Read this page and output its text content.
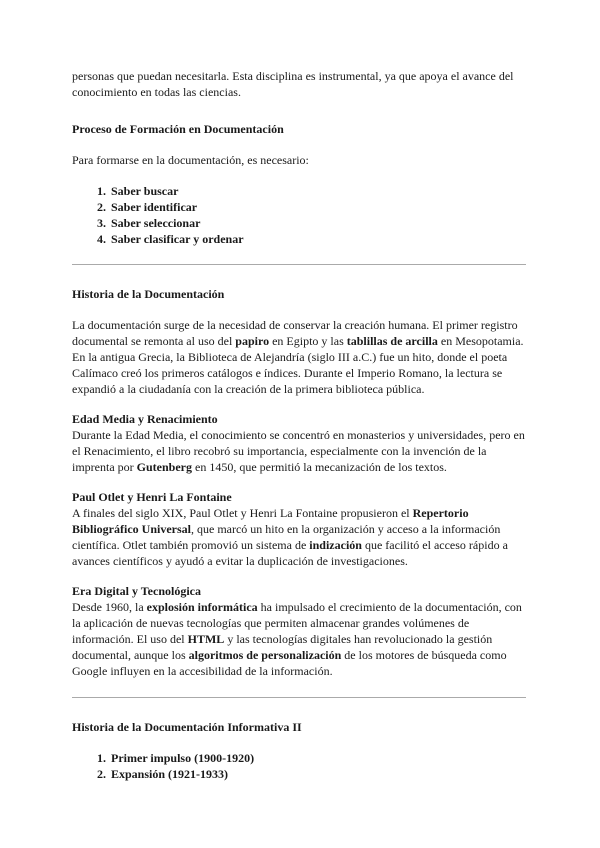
personas que puedan necesitarla. Esta disciplina es instrumental, ya que apoya el avance del conocimiento en todas las ciencias.

Proceso de Formación en Documentación

Para formarse en la documentación, es necesario:

1. Saber buscar
2. Saber identificar
3. Saber seleccionar
4. Saber clasificar y ordenar

Historia de la Documentación

La documentación surge de la necesidad de conservar la creación humana. El primer registro documental se remonta al uso del papiro en Egipto y las tablillas de arcilla en Mesopotamia. En la antigua Grecia, la Biblioteca de Alejandría (siglo III a.C.) fue un hito, donde el poeta Calímaco creó los primeros catálogos e índices. Durante el Imperio Romano, la lectura se expandió a la ciudadanía con la creación de la primera biblioteca pública.

Edad Media y Renacimiento

Durante la Edad Media, el conocimiento se concentró en monasterios y universidades, pero en el Renacimiento, el libro recobró su importancia, especialmente con la invención de la imprenta por Gutenberg en 1450, que permitió la mecanización de los textos.

Paul Otlet y Henri La Fontaine

A finales del siglo XIX, Paul Otlet y Henri La Fontaine propusieron el Repertorio Bibliográfico Universal, que marcó un hito en la organización y acceso a la información científica. Otlet también promovió un sistema de indización que facilitó el acceso rápido a avances científicos y ayudó a evitar la duplicación de investigaciones.

Era Digital y Tecnológica

Desde 1960, la explosión informática ha impulsado el crecimiento de la documentación, con la aplicación de nuevas tecnologías que permiten almacenar grandes volúmenes de información. El uso del HTML y las tecnologías digitales han revolucionado la gestión documental, aunque los algoritmos de personalización de los motores de búsqueda como Google influyen en la accesibilidad de la información.

Historia de la Documentación Informativa II

1. Primer impulso (1900-1920)
2. Expansión (1921-1933)
